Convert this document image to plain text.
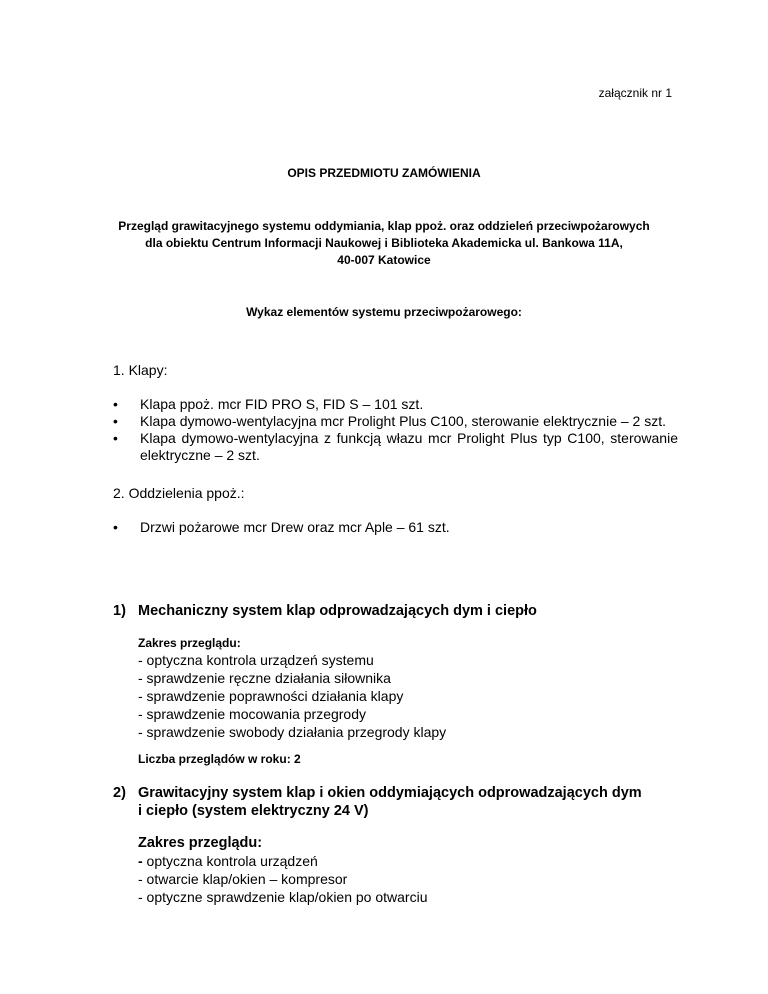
załącznik nr 1
OPIS PRZEDMIOTU ZAMÓWIENIA
Przegląd grawitacyjnego systemu oddymiania, klap ppoż. oraz oddzieleń przeciwpożarowych
dla obiektu Centrum Informacji Naukowej i Biblioteka Akademicka ul. Bankowa 11A,
40-007 Katowice
Wykaz elementów systemu przeciwpożarowego:
1. Klapy:
• Klapa ppoż. mcr FID PRO S, FID S – 101 szt.
• Klapa dymowo-wentylacyjna mcr Prolight Plus C100, sterowanie elektrycznie – 2 szt.
• Klapa dymowo-wentylacyjna z funkcją włazu mcr Prolight Plus typ C100, sterowanie elektryczne – 2 szt.
2. Oddzielenia ppoż.:
• Drzwi pożarowe mcr Drew oraz mcr Aple – 61 szt.
1) Mechaniczny system klap odprowadzających dym i ciepło
Zakres przeglądu:
- optyczna kontrola urządzeń systemu
- sprawdzenie ręczne działania siłownika
- sprawdzenie poprawności działania klapy
- sprawdzenie mocowania przegrody
- sprawdzenie swobody działania przegrody klapy
Liczba przeglądów w roku: 2
2) Grawitacyjny system klap i okien oddymiających odprowadzających dym
i ciepło (system elektryczny 24 V)
Zakres przeglądu:
- optyczna kontrola urządzeń
- otwarcie klap/okien – kompresor
- optyczne sprawdzenie klap/okien po otwarciu
